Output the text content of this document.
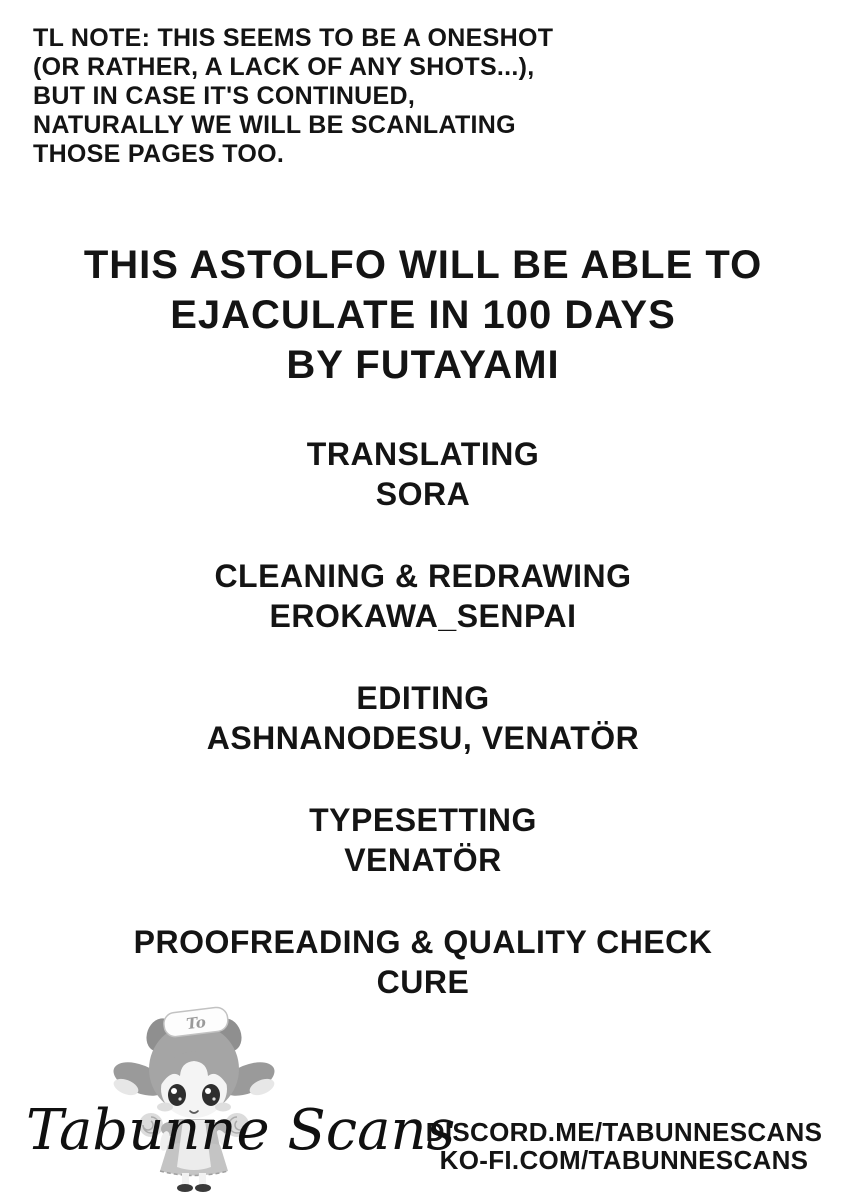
TL NOTE: THIS SEEMS TO BE A ONESHOT
(OR RATHER, A LACK OF ANY SHOTS...),
BUT IN CASE IT'S CONTINUED,
NATURALLY WE WILL BE SCANLATING
THOSE PAGES TOO.
THIS ASTOLFO WILL BE ABLE TO
EJACULATE IN 100 DAYS
BY FUTAYAMI
TRANSLATING
SORA
CLEANING & REDRAWING
EROKAWA_SENPAI
EDITING
ASHNANODESU, VENATÖR
TYPESETTING
VENATÖR
PROOFREADING & QUALITY CHECK
CURE
To
Tabunne Scans
DISCORD.ME/TABUNNESCANS
KO-FI.COM/TABUNNESCANS
